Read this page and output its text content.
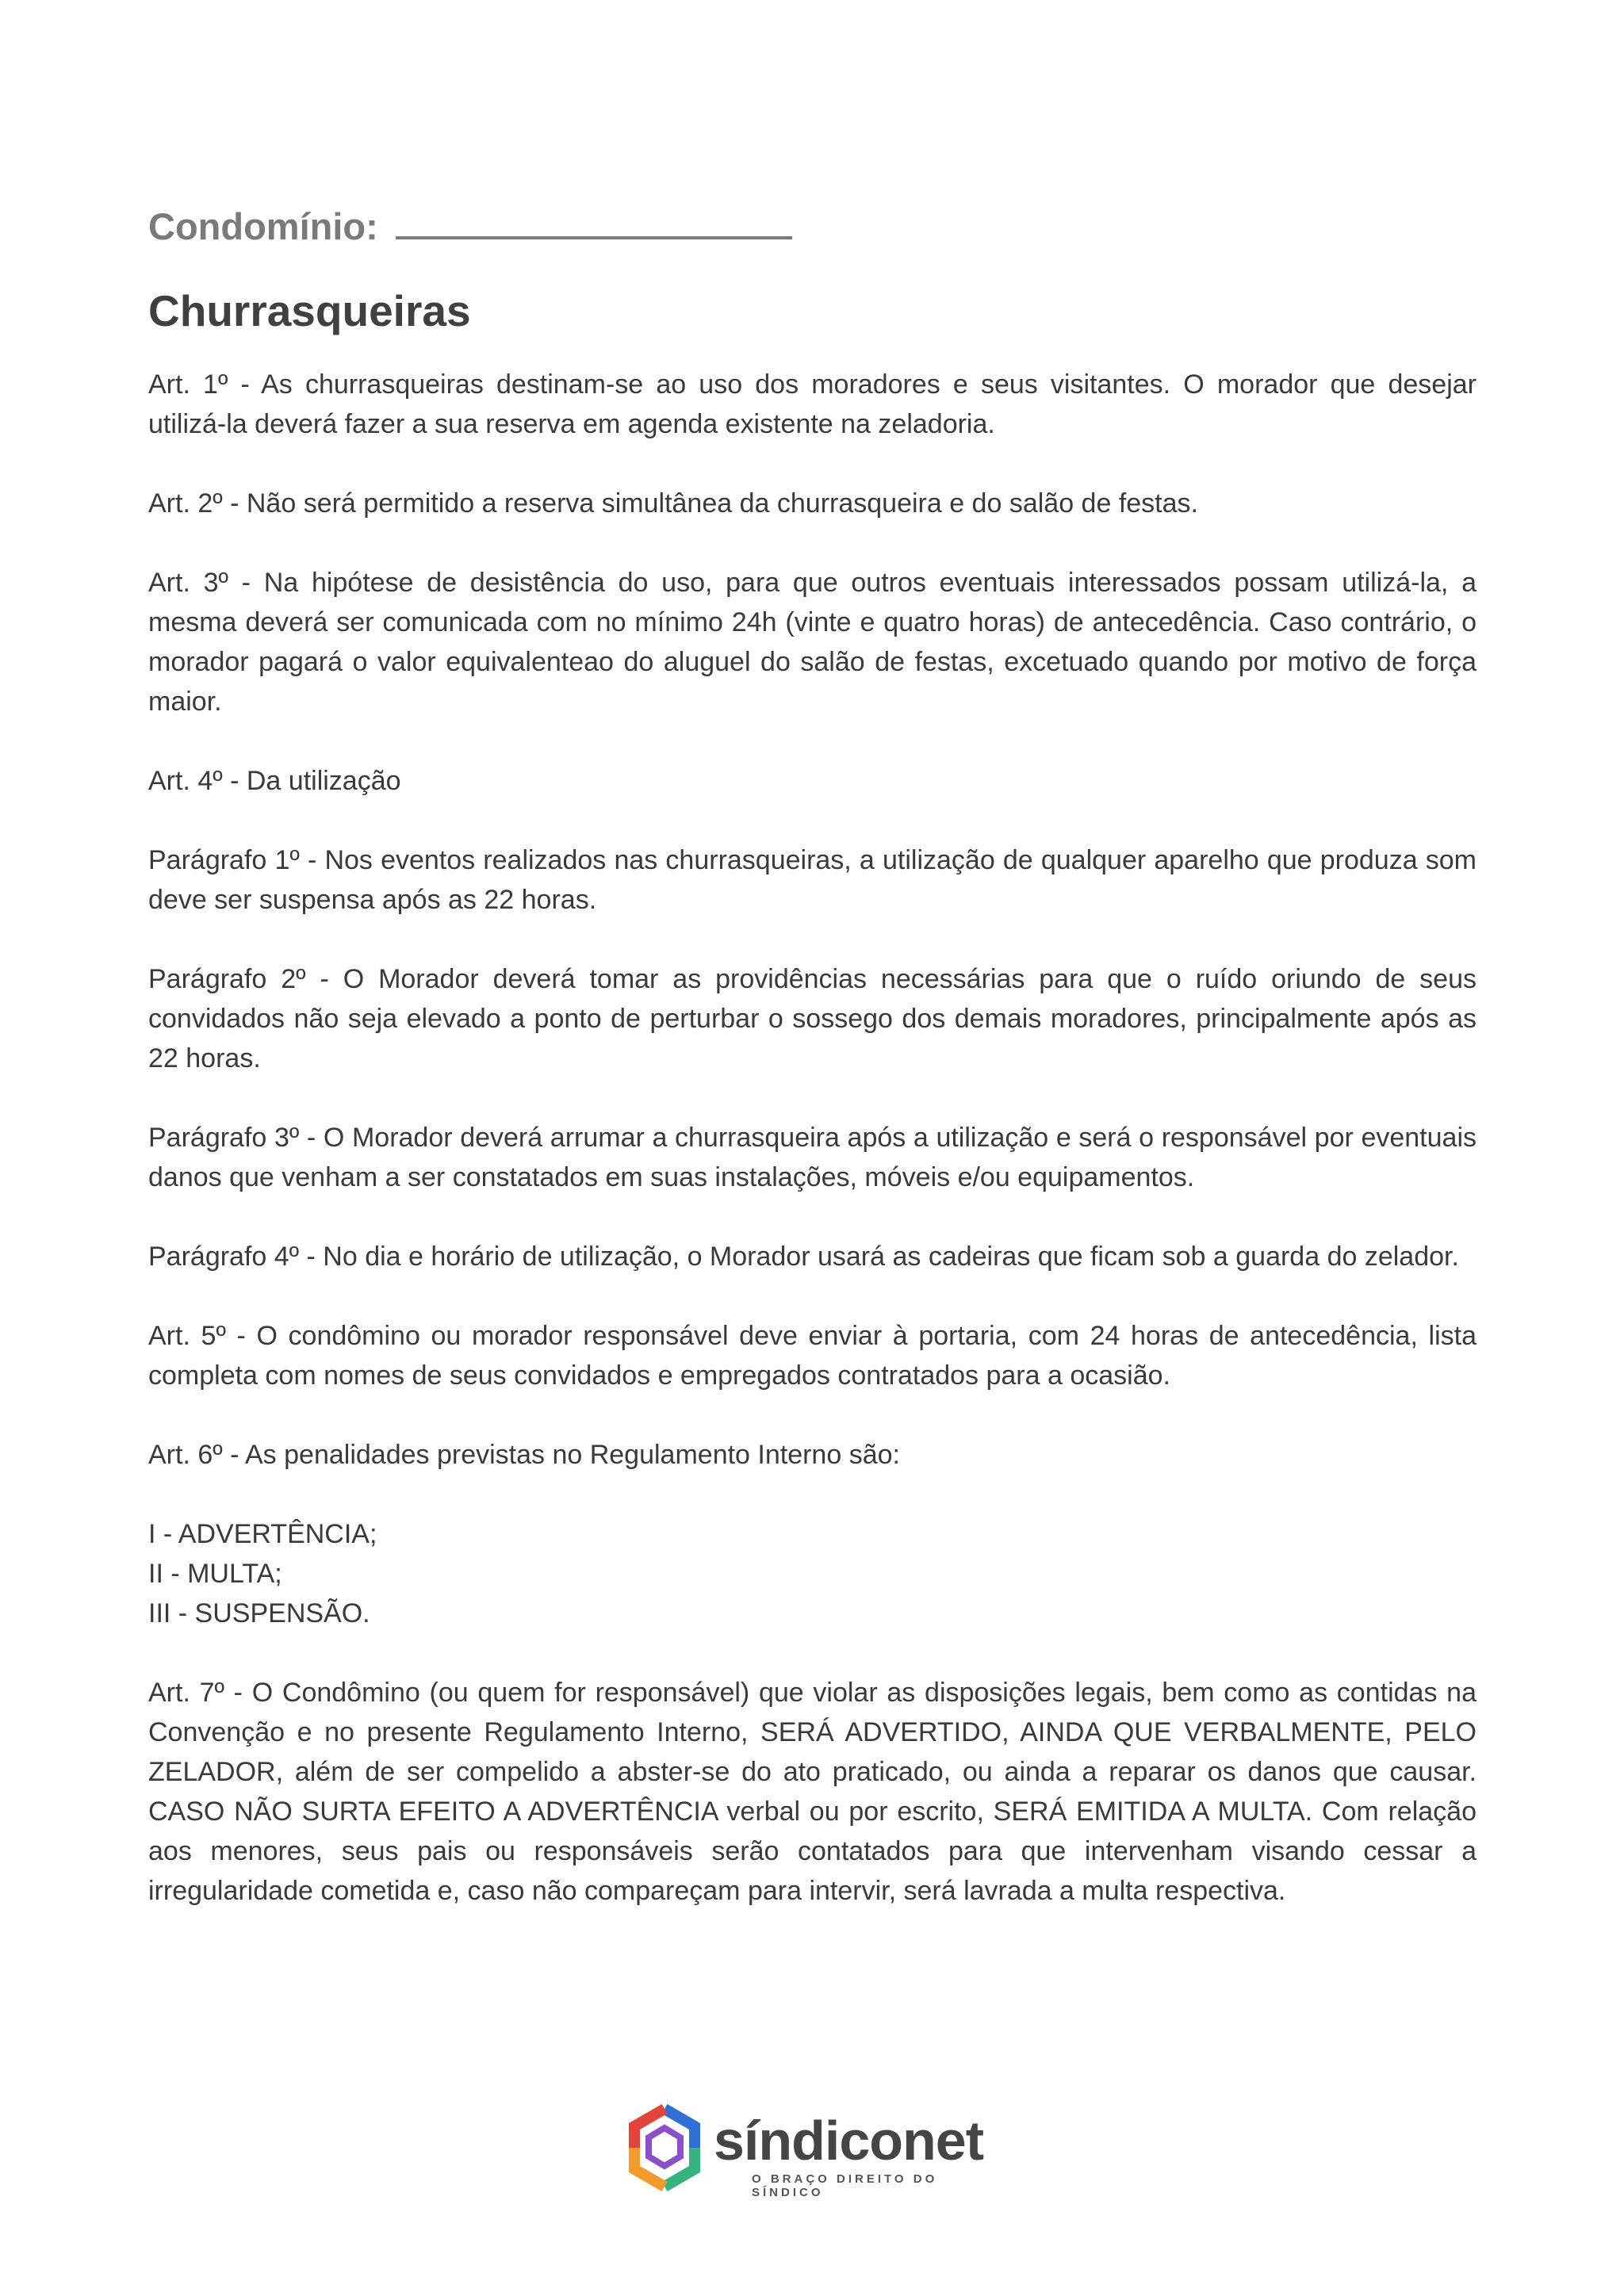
Condomínio:
Churrasqueiras

Art. 1º - As churrasqueiras destinam-se ao uso dos moradores e seus visitantes. O morador que desejar utilizá-la deverá fazer a sua reserva em agenda existente na zeladoria.

Art. 2º - Não será permitido a reserva simultânea da churrasqueira e do salão de festas.

Art. 3º - Na hipótese de desistência do uso, para que outros eventuais interessados possam utilizá-la, a mesma deverá ser comunicada com no mínimo 24h (vinte e quatro horas) de antecedência. Caso contrário, o morador pagará o valor equivalenteao do aluguel do salão de festas, excetuado quando por motivo de força maior.

Art. 4º - Da utilização

Parágrafo 1º - Nos eventos realizados nas churrasqueiras, a utilização de qualquer aparelho que produza som deve ser suspensa após as 22 horas.

Parágrafo 2º - O Morador deverá tomar as providências necessárias para que o ruído oriundo de seus convidados não seja elevado a ponto de perturbar o sossego dos demais moradores, principalmente após as 22 horas.

Parágrafo 3º - O Morador deverá arrumar a churrasqueira após a utilização e será o responsável por eventuais danos que venham a ser constatados em suas instalações, móveis e/ou equipamentos.

Parágrafo 4º - No dia e horário de utilização, o Morador usará as cadeiras que ficam sob a guarda do zelador.

Art. 5º - O condômino ou morador responsável deve enviar à portaria, com 24 horas de antecedência, lista completa com nomes de seus convidados e empregados contratados para a ocasião.

Art. 6º - As penalidades previstas no Regulamento Interno são:

I - ADVERTÊNCIA;

II - MULTA;

III - SUSPENSÃO.

Art. 7º - O Condômino (ou quem for responsável) que violar as disposições legais, bem como as contidas na Convenção e no presente Regulamento Interno, SERÁ ADVERTIDO, AINDA QUE VERBALMENTE, PELO ZELADOR, além de ser compelido a abster-se do ato praticado, ou ainda a reparar os danos que causar. CASO NÃO SURTA EFEITO A ADVERTÊNCIA verbal ou por escrito, SERÁ EMITIDA A MULTA. Com relação aos menores, seus pais ou responsáveis serão contatados para que intervenham visando cessar a irregularidade cometida e, caso não compareçam para intervir, será lavrada a multa respectiva.

síndiconet
O BRAÇO DIREITO DO SÍNDICO
